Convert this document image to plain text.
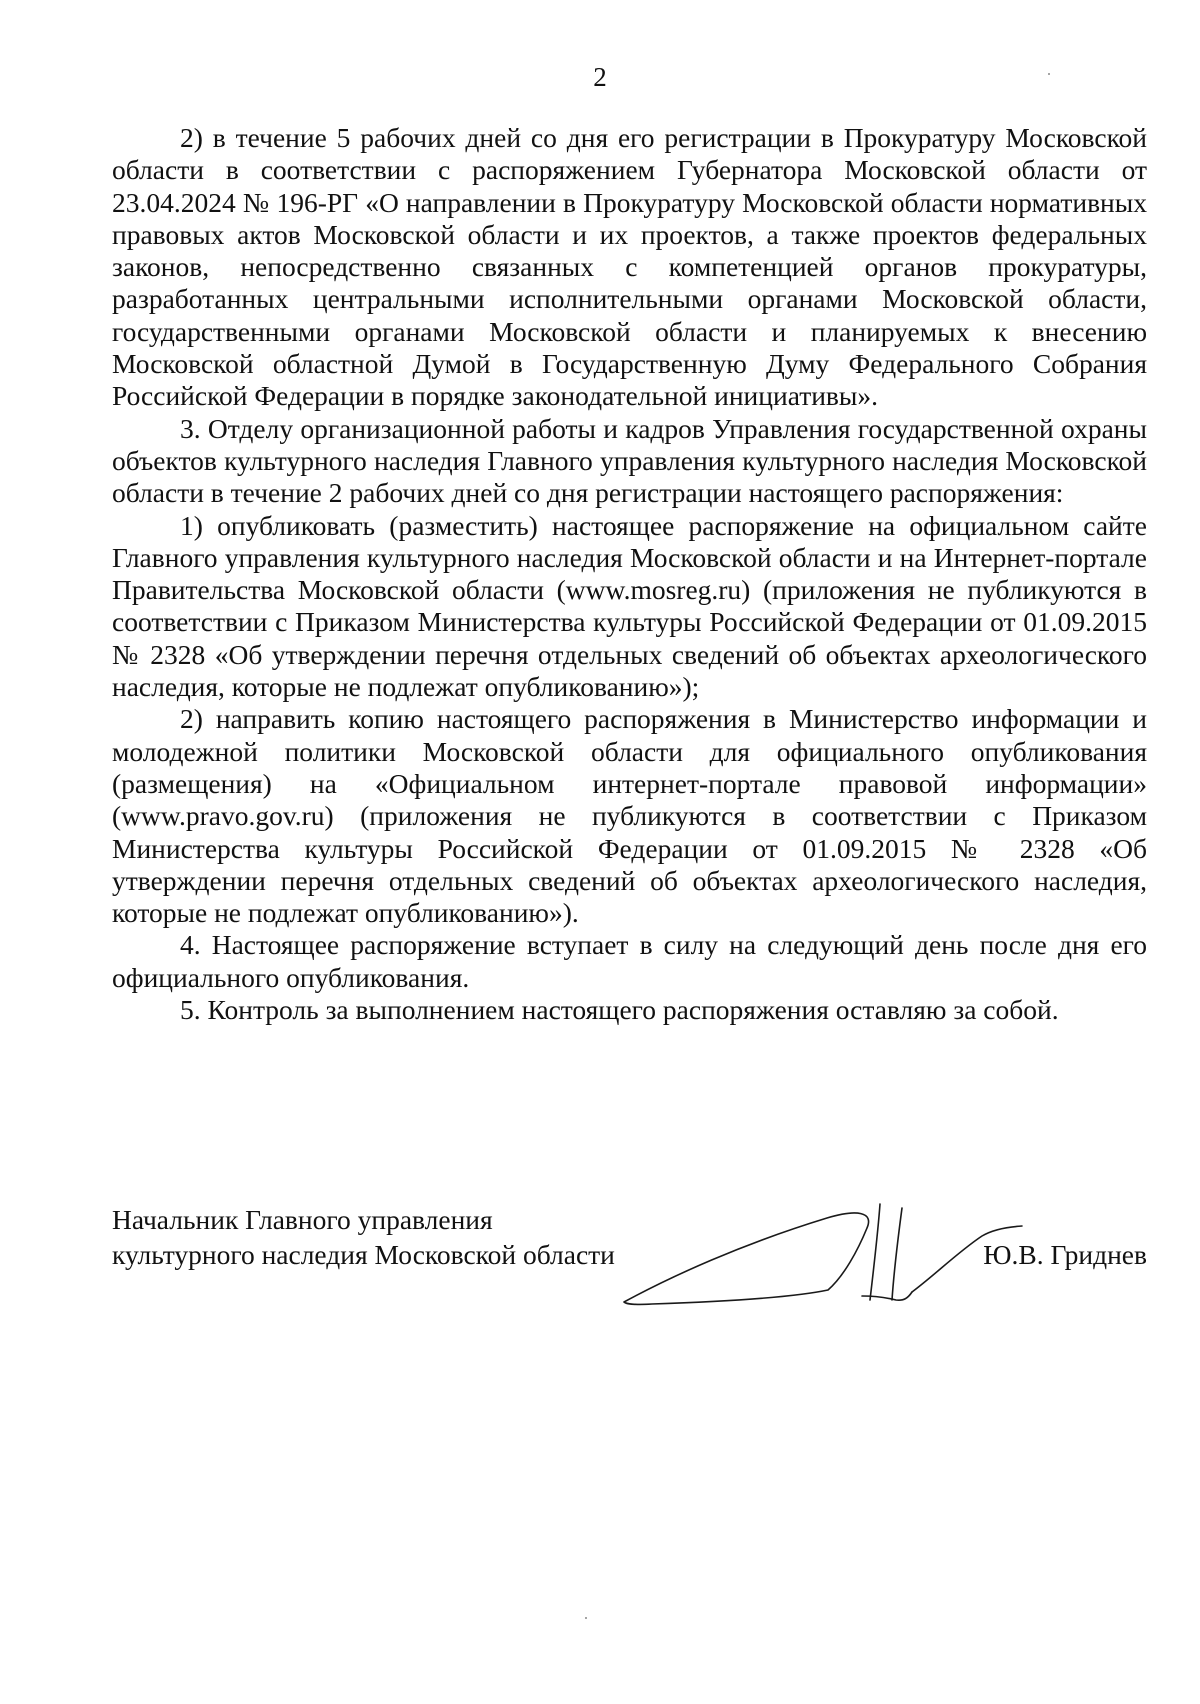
2

2) в течение 5 рабочих дней со дня его регистрации в Прокуратуру Московской области в соответствии с распоряжением Губернатора Московской области от 23.04.2024 № 196-РГ «О направлении в Прокуратуру Московской области нормативных правовых актов Московской области и их проектов, а также проектов федеральных законов, непосредственно связанных с компетенцией органов прокуратуры, разработанных центральными исполнительными органами Московской области, государственными органами Московской области и планируемых к внесению Московской областной Думой в Государственную Думу Федерального Собрания Российской Федерации в порядке законодательной инициативы».

3. Отделу организационной работы и кадров Управления государственной охраны объектов культурного наследия Главного управления культурного наследия Московской области в течение 2 рабочих дней со дня регистрации настоящего распоряжения:

1) опубликовать (разместить) настоящее распоряжение на официальном сайте Главного управления культурного наследия Московской области и на Интернет-портале Правительства Московской области (www.mosreg.ru) (приложения не публикуются в соответствии с Приказом Министерства культуры Российской Федерации от 01.09.2015 № 2328 «Об утверждении перечня отдельных сведений об объектах археологического наследия, которые не подлежат опубликованию»);

2) направить копию настоящего распоряжения в Министерство информации и молодежной политики Московской области для официального опубликования (размещения) на «Официальном интернет-портале правовой информации» (www.pravo.gov.ru) (приложения не публикуются в соответствии с Приказом Министерства культуры Российской Федерации от 01.09.2015 № 2328 «Об утверждении перечня отдельных сведений об объектах археологического наследия, которые не подлежат опубликованию»).

4. Настоящее распоряжение вступает в силу на следующий день после дня его официального опубликования.

5. Контроль за выполнением настоящего распоряжения оставляю за собой.

Начальник Главного управления
культурного наследия Московской области	Ю.В. Гриднев
